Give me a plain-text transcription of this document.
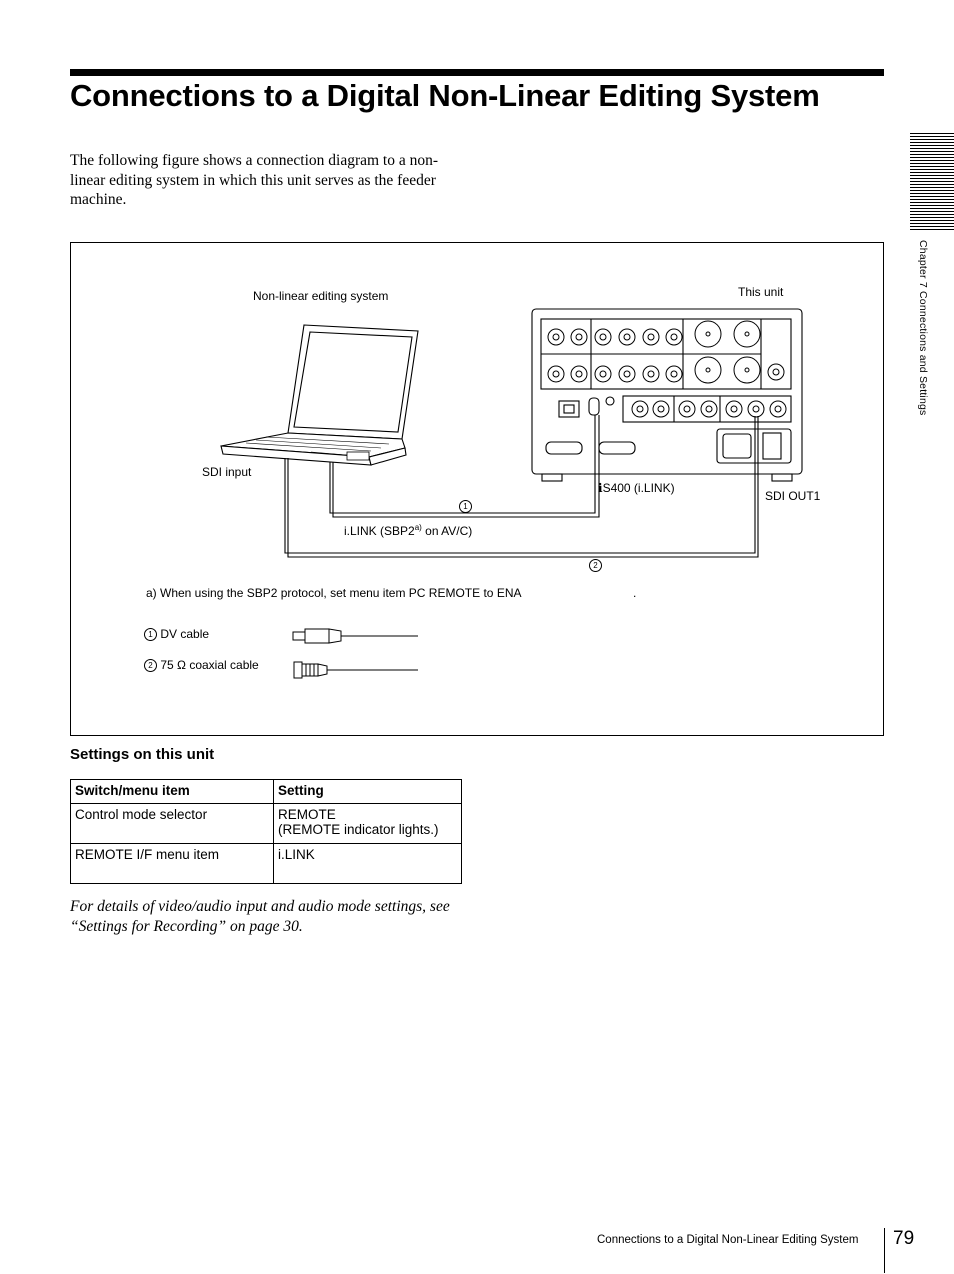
Connections to a Digital Non-Linear Editing System

The following figure shows a connection diagram to a non-linear editing system in which this unit serves as the feeder machine.

Chapter 7 Connections and Settings
Non-linear editing system	This unit
SDI input
ℹS400 (i.LINK)
SDI OUT1
1
i.LINK (SBP2$^{a)}$ on AV/C)
2
a) When using the SBP2 protocol, set menu item PC REMOTE to ENA	.
1 DV cable
2 75 Ω coaxial cable
Settings on this unit
Switch/menu item	Setting
Control mode selector	REMOTE
(REMOTE indicator lights.)
REMOTE I/F menu item	i.LINK

For details of video/audio input and audio mode settings, see “Settings for Recording” on page 30.

Connections to a Digital Non-Linear Editing System 79
